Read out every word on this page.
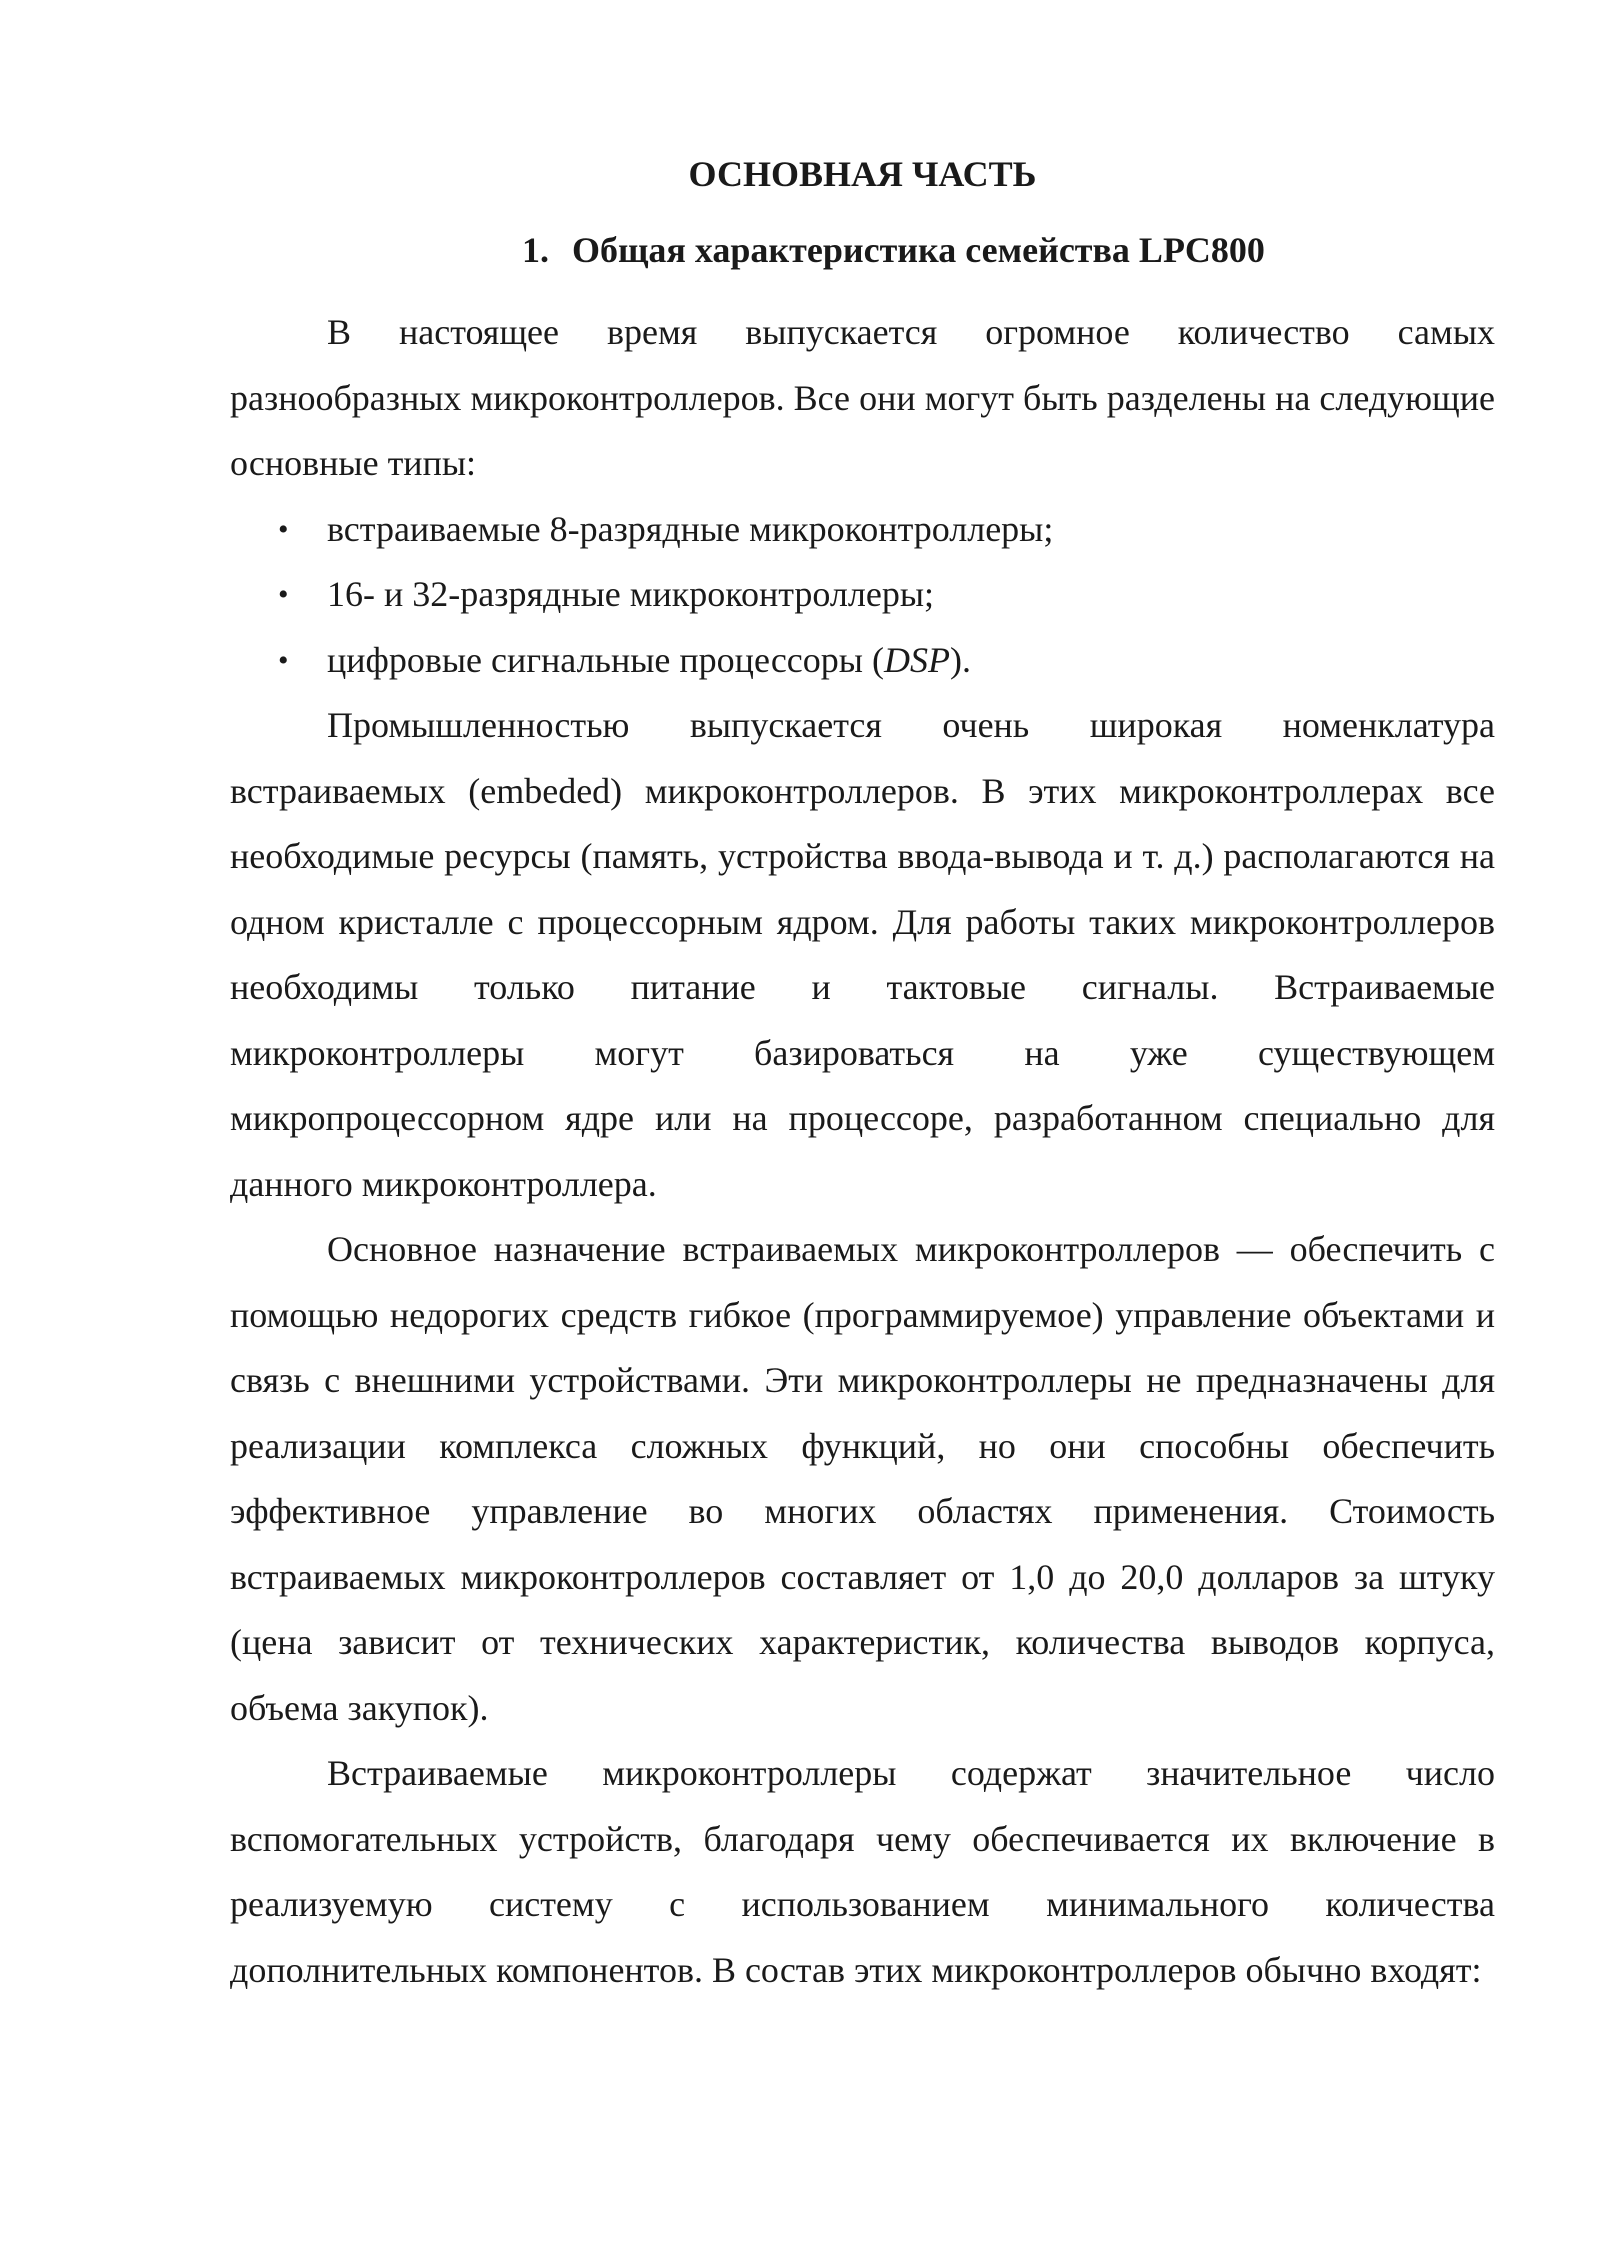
ОСНОВНАЯ ЧАСТЬ
1. Общая характеристика семейства LPC800

В настоящее время выпускается огромное количество самых разнообразных микроконтроллеров. Все они могут быть разделены на следующие основные типы:

• встраиваемые 8-разрядные микроконтроллеры;
• 16- и 32-разрядные микроконтроллеры;
• цифровые сигнальные процессоры (DSP).

Промышленностью выпускается очень широкая номенклатура встраиваемых (embeded) микроконтроллеров. В этих микроконтроллерах все необходимые ресурсы (память, устройства ввода-вывода и т. д.) располагаются на одном кристалле с процессорным ядром. Для работы таких микроконтроллеров необходимы только питание и тактовые сигналы. Встраиваемые микроконтроллеры могут базироваться на уже существующем микропроцессорном ядре или на процессоре, разработанном специально для данного микроконтроллера.

Основное назначение встраиваемых микроконтроллеров — обеспечить с помощью недорогих средств гибкое (программируемое) управление объектами и связь с внешними устройствами. Эти микроконтроллеры не предназначены для реализации комплекса сложных функций, но они способны обеспечить эффективное управление во многих областях применения. Стоимость встраиваемых микроконтроллеров составляет от 1,0 до 20,0 долларов за штуку (цена зависит от технических характеристик, количества выводов корпуса, объема закупок).

Встраиваемые микроконтроллеры содержат значительное число вспомогательных устройств, благодаря чему обеспечивается их включение в реализуемую систему с использованием минимального количества дополнительных компонентов. В состав этих микроконтроллеров обычно входят:
